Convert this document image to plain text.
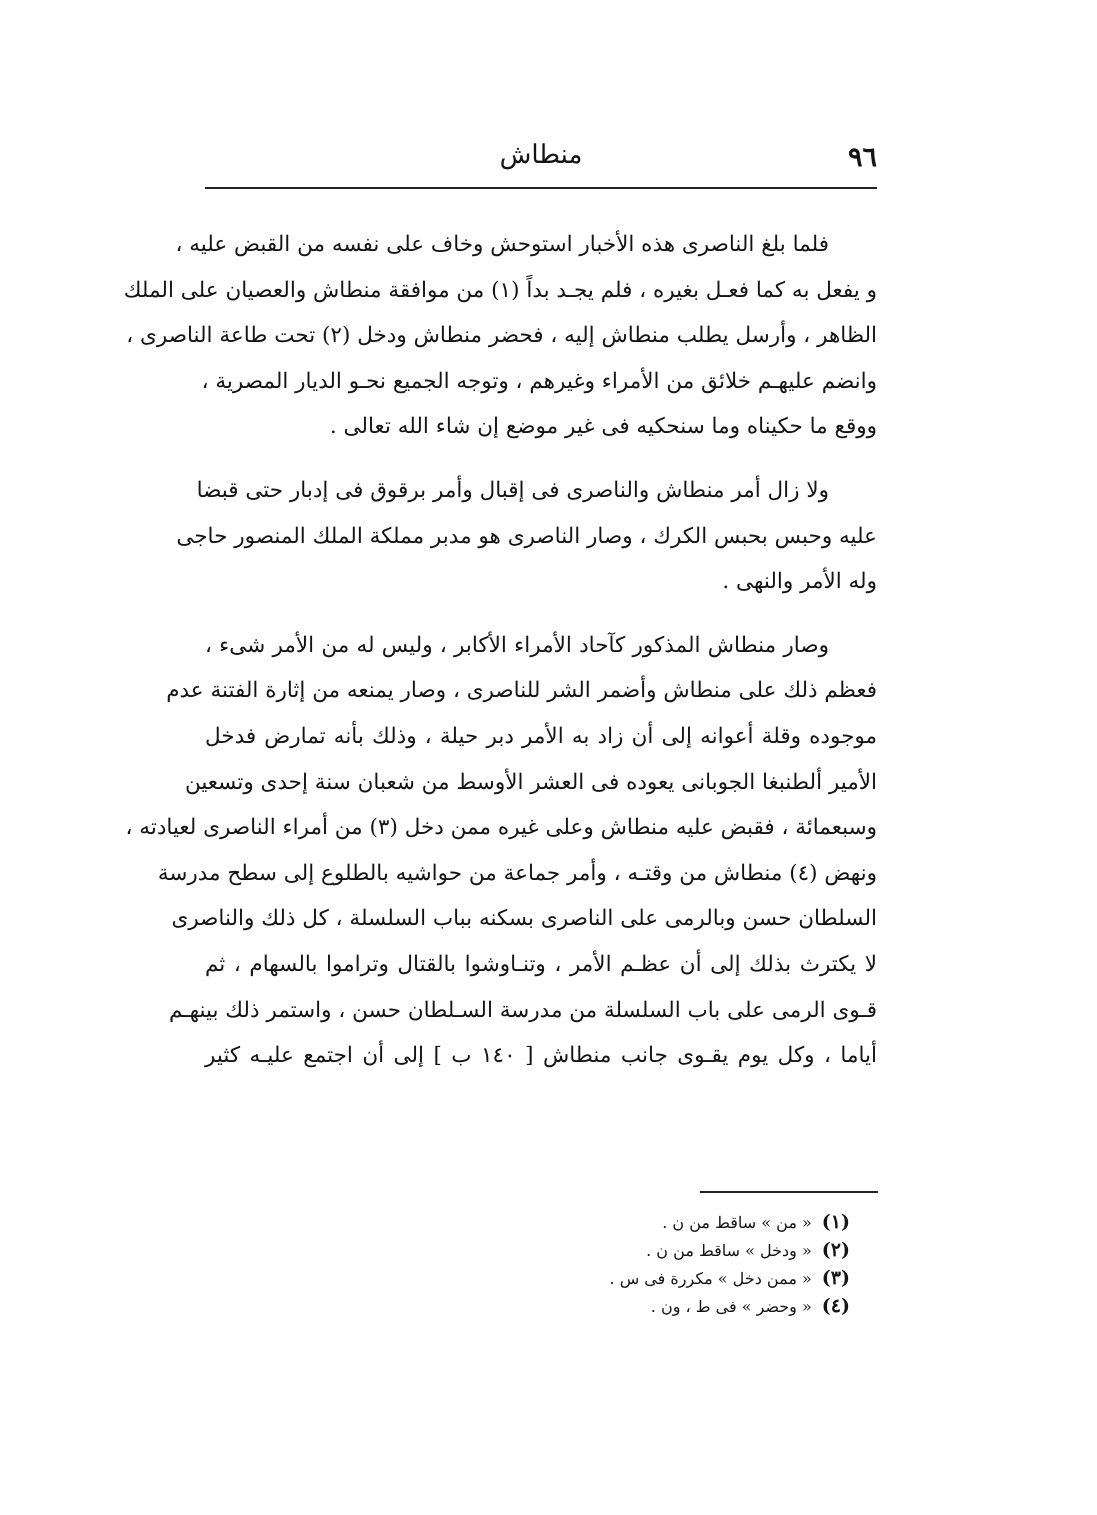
٩٦
منطاش
فلما بلغ الناصرى هذه الأخبار استوحش وخاف على نفسه من القبض عليه ،
و يفعل به كما فعـل بغيره ، فلم يجـد بداً (١) من موافقة منطاش والعصيان على الملك
الظاهر ، وأرسل يطلب منطاش إليه ، فحضر منطاش ودخل (٢) تحت طاعة الناصرى ،
وانضم عليهـم خلائق من الأمراء وغيرهم ، وتوجه الجميع نحـو الديار المصرية ،
ووقع ما حكيناه وما سنحكيه فى غير موضع إن شاء الله تعالى .
ولا زال أمر منطاش والناصرى فى إقبال وأمر برقوق فى إدبار حتى قبضا
عليه وحبس بحبس الكرك ، وصار الناصرى هو مدبر مملكة الملك المنصور حاجى
وله الأمر والنهى .
وصار منطاش المذكور كآحاد الأمراء الأكابر ، وليس له من الأمر شىء ،
فعظم ذلك على منطاش وأضمر الشر للناصرى ، وصار يمنعه من إثارة الفتنة عدم
موجوده وقلة أعوانه إلى أن زاد به الأمر دبر حيلة ، وذلك بأنه تمارض فدخل
الأمير ألطنبغا الجوبانى يعوده فى العشر الأوسط من شعبان سنة إحدى وتسعين
وسبعمائة ، فقبض عليه منطاش وعلى غيره ممن دخل (٣) من أمراء الناصرى لعيادته ،
ونهض (٤) منطاش من وقتـه ، وأمر جماعة من حواشيه بالطلوع إلى سطح مدرسة
السلطان حسن وبالرمى على الناصرى بسكنه بباب السلسلة ، كل ذلك والناصرى
لا يكترث بذلك إلى أن عظـم الأمر ، وتنـاوشوا بالقتال وتراموا بالسهام ، ثم
قـوى الرمى على باب السلسلة من مدرسة السـلطان حسن ، واستمر ذلك بينهـم
أياما ، وكل يوم يقـوى جانب منطاش [ ١٤٠ ب ] إلى أن اجتمع عليـه كثير
(١)« من » ساقط من ن .
(٢)« ودخل » ساقط من ن .
(٣)« ممن دخل » مكررة فى س .
(٤)« وحضر » فى ط ، ون .
